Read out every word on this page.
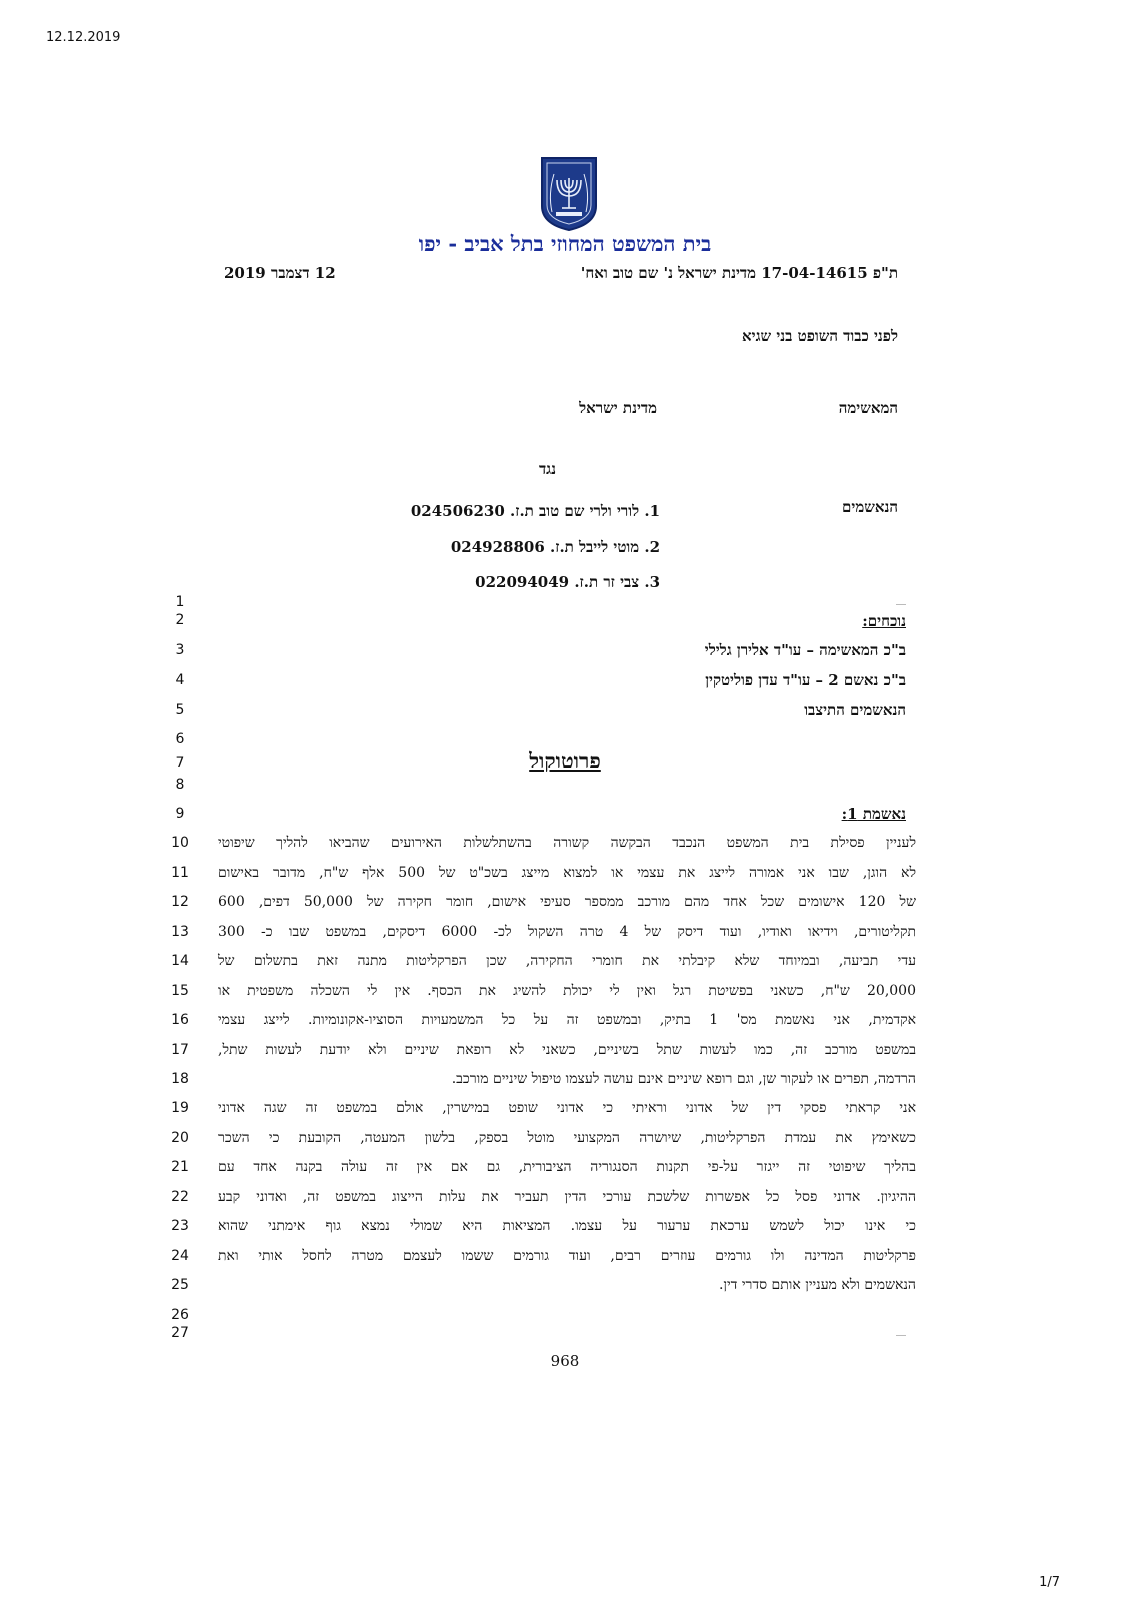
12.12.2019
בית המשפט המחוזי בתל אביב - יפו
ת"פ 17-04-14615 מדינת ישראל נ' שם טוב ואח'
12 דצמבר 2019
לפני כבוד השופט בני שגיא
המאשימה
מדינת ישראל
נגד
הנאשמים
1. לורי ולרי שם טוב ת.ז. 024506230
2. מוטי לייבל ת.ז. 024928806
3. צבי זר ת.ז. 022094049
1
2
3
4
5
6
7
8
9
10
11
12
13
14
15
16
17
18
19
20
21
22
23
24
25
26
27
נוכחים:
ב"כ המאשימה – עו"ד אלירן גלילי
ב"כ נאשם 2 – עו"ד עדן פוליטקין
הנאשמים התיצבו
פרוטוקול
נאשמת 1:
לעניין פסילת בית המשפט הנכבד הבקשה קשורה בהשתלשלות האירועים שהביאו להליך שיפוטי
לא הוגן, שבו אני אמורה לייצג את עצמי או למצוא מייצג בשכ"ט של 500 אלף ש"ח, מדובר באישום
של 120 אישומים שכל אחד מהם מורכב ממספר סעיפי אישום, חומר חקירה של 50,000 דפים, 600
תקליטורים, וידיאו ואודיו, ועוד דיסק של 4 טרה השקול לכ- 6000 דיסקים, במשפט שבו כ- 300
עדי תביעה, ובמיוחד שלא קיבלתי את חומרי החקירה, שכן הפרקליטות מתנה זאת בתשלום של
20,000 ש"ח, כשאני בפשיטת רגל ואין לי יכולת להשיג את הכסף. אין לי השכלה משפטית או
אקדמית, אני נאשמת מס' 1 בתיק, ובמשפט זה על כל המשמעויות הסוציו-אקונומיות. לייצג עצמי
במשפט מורכב זה, כמו לעשות שתל בשיניים, כשאני לא רופאת שיניים ולא יודעת לעשות שתל,
הרדמה, תפרים או לעקור שן, וגם רופא שיניים אינם עושה לעצמו טיפול שיניים מורכב.
אני קראתי פסקי דין של אדוני וראיתי כי אדוני שופט במישרין, אולם במשפט זה שגה אדוני
כשאימץ את עמדת הפרקליטות, שיושרה המקצועי מוטל בספק, בלשון המעטה, הקובעת כי השכר
בהליך שיפוטי זה ייגזר על-פי תקנות הסנגוריה הציבורית, גם אם אין זה עולה בקנה אחד עם
ההיגיון. אדוני פסל כל אפשרות שלשכת עורכי הדין תעביר את עלות הייצוג במשפט זה, ואדוני קבע
כי אינו יכול לשמש ערכאת ערעור על עצמו. המציאות היא שמולי נמצא גוף אימתני שהוא
פרקליטות המדינה ולו גורמים עוזרים רבים, ועוד גורמים ששמו לעצמם מטרה לחסל אותי ואת
הנאשמים ולא מעניין אותם סדרי דין.
968
1/7
